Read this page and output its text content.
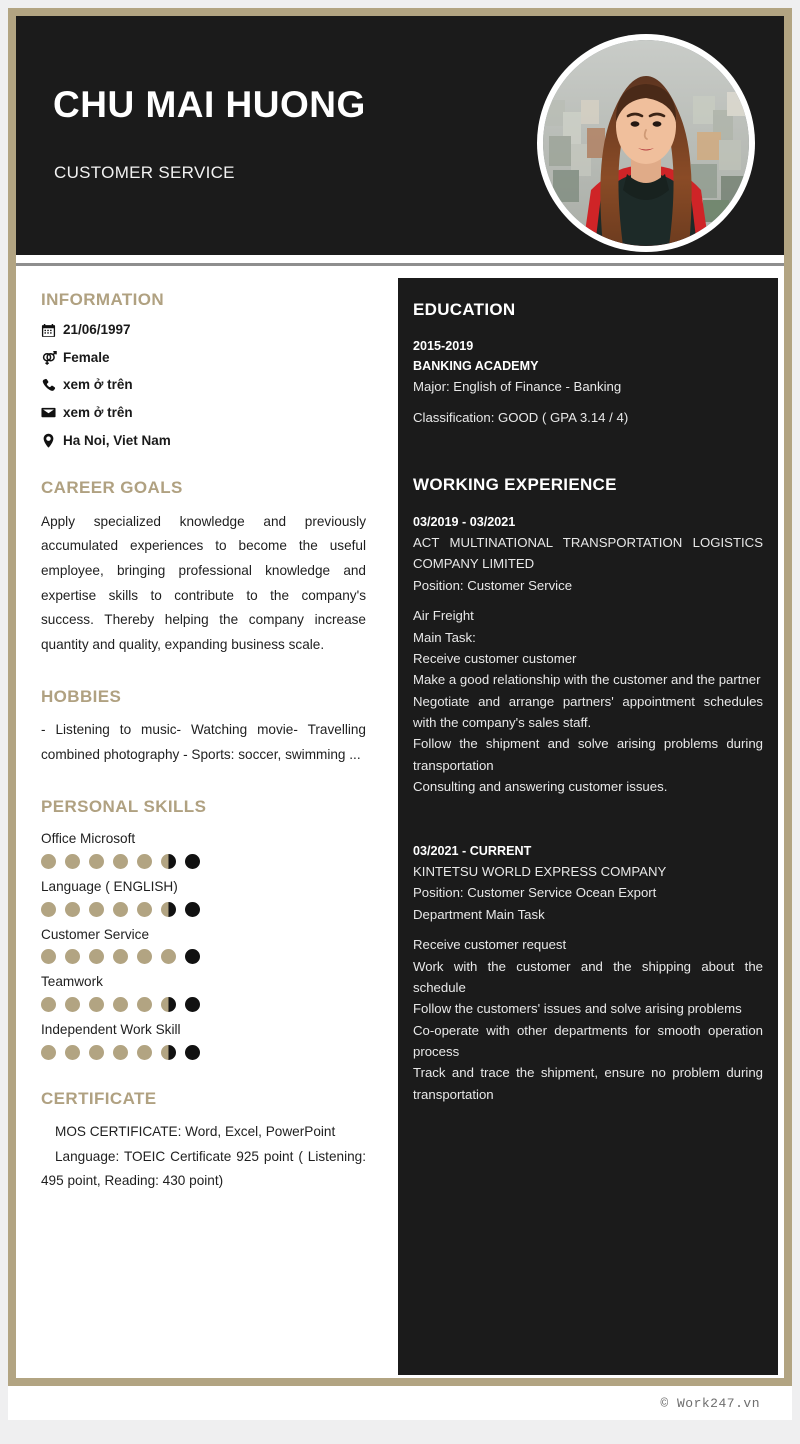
CHU MAI HUONG
CUSTOMER SERVICE
INFORMATION
21/06/1997
Female
xem ở trên
xem ở trên
Ha Noi, Viet Nam
CAREER GOALS

Apply specialized knowledge and previously accumulated experiences to become the useful employee, bringing professional knowledge and expertise skills to contribute to the company's success. Thereby helping the company increase quantity and quality, expanding business scale.

HOBBIES

- Listening to music- Watching movie- Travelling combined photography - Sports: soccer, swimming ...

PERSONAL SKILLS

Office Microsoft

Language ( ENGLISH)

Customer Service

Teamwork

Independent Work Skill

CERTIFICATE

MOS CERTIFICATE: Word, Excel, PowerPoint

Language: TOEIC Certificate 925 point ( Listening: 495 point, Reading: 430 point)

EDUCATION

2015-2019

BANKING ACADEMY

Major: English of Finance - Banking

Classification: GOOD ( GPA 3.14 / 4)

WORKING EXPERIENCE

03/2019 - 03/2021

ACT MULTINATIONAL TRANSPORTATION LOGISTICS COMPANY LIMITED

Position: Customer Service

Air Freight

Main Task:

Receive customer customer

Make a good relationship with the customer and the partner

Negotiate and arrange partners' appointment schedules with the company's sales staff.

Follow the shipment and solve arising problems during transportation

Consulting and answering customer issues.

03/2021 - CURRENT

KINTETSU WORLD EXPRESS COMPANY

Position: Customer Service Ocean Export

Department Main Task

Receive customer request

Work with the customer and the shipping about the schedule

Follow the customers' issues and solve arising problems

Co-operate with other departments for smooth operation process

Track and trace the shipment, ensure no problem during transportation

© Work247.vn
